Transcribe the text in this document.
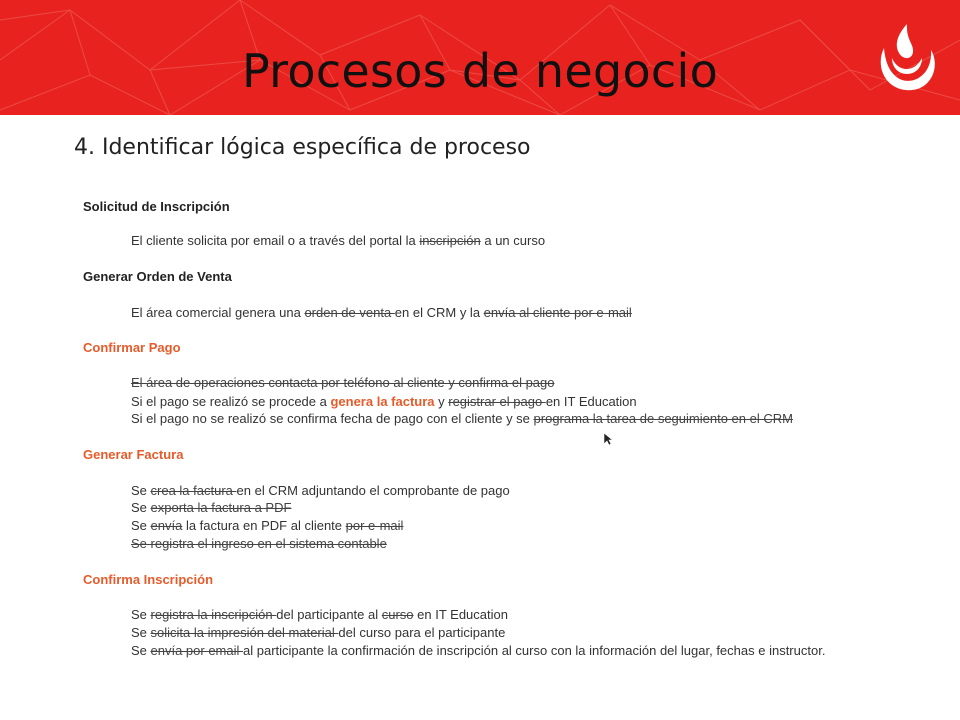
Procesos de negocio
4. Identificar lógica específica de proceso
Solicitud de Inscripción
El cliente solicita por email o a través del portal la inscripción a un curso
Generar Orden de Venta
El área comercial genera una orden de venta en el CRM y la envía al cliente por e-mail
Confirmar Pago
El área de operaciones contacta por teléfono al cliente y confirma el pago
Si el pago se realizó se procede a genera la factura y registrar el pago en IT Education
Si el pago no se realizó se confirma fecha de pago con el cliente y se programa la tarea de seguimiento en el CRM
Generar Factura
Se crea la factura en el CRM adjuntando el comprobante de pago
Se exporta la factura a PDF
Se envía la factura en PDF al cliente por e-mail
Se registra el ingreso en el sistema contable
Confirma Inscripción
Se registra la inscripción del participante al curso en IT Education
Se solicita la impresión del material del curso para el participante
Se envía por email al participante la confirmación de inscripción al curso con la información del lugar, fechas e instructor.
